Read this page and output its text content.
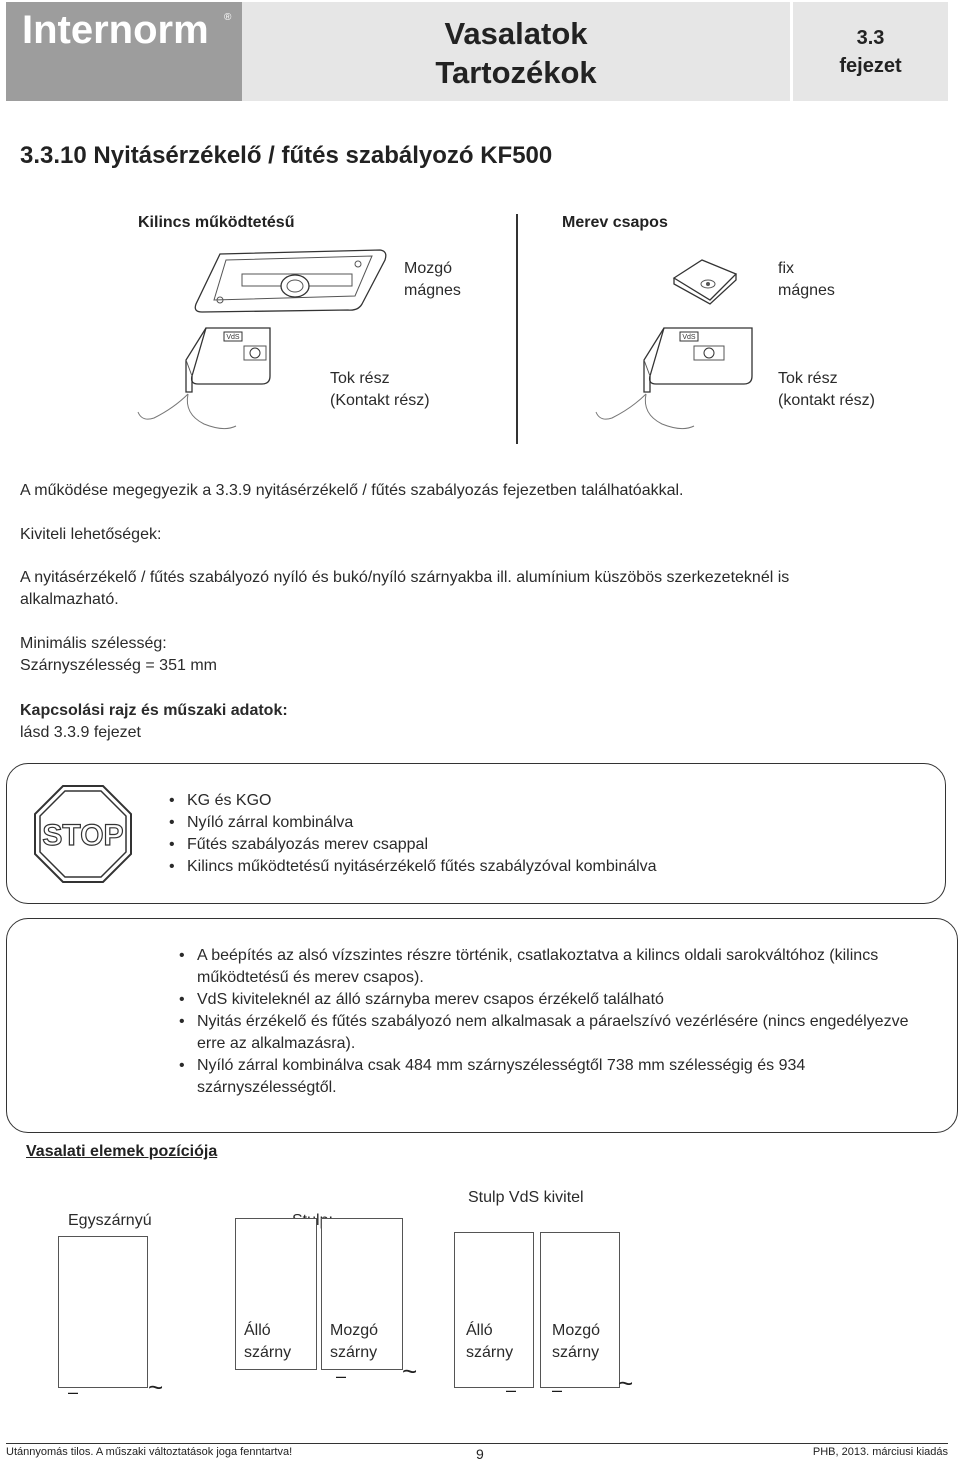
Internorm ®	Vasalatok
Tartozékok
3.3
fejezet
3.3.10 Nyitásérzékelő / fűtés szabályozó KF500
Kilincs működtetésű	Merev csapos
Mozgó
mágnes
fix
mágnes
VdS
Tok rész
(Kontakt rész)
VdS
Tok rész
(kontakt rész)
A működése megegyezik a 3.3.9 nyitásérzékelő / fűtés szabályozás fejezetben találhatóakkal.
Kiviteli lehetőségek:
A nyitásérzékelő / fűtés szabályozó nyíló és bukó/nyíló szárnyakba ill. alumínium küszöbös szerkezeteknél is
alkalmazható.
Minimális szélesség:
Szárnyszélesség = 351 mm
Kapcsolási rajz és műszaki adatok:
lásd 3.3.9 fejezet
STOP
• KG és KGO
• Nyíló zárral kombinálva
• Fűtés szabályozás merev csappal
• Kilincs működtetésű nyitásérzékelő fűtés szabályzóval kombinálva
• A beépítés az alsó vízszintes részre történik, csatlakoztatva a kilincs oldali sarokváltóhoz (kilincs működtetésű és merev csapos).
• VdS kiviteleknél az álló szárnyba merev csapos érzékelő található
• Nyitás érzékelő és fűtés szabályozó nem alkalmasak a páraelszívó vezérlésére (nincs engedélyezve erre az alkalmazásra).
• Nyíló zárral kombinálva csak 484 mm szárnyszélességtől 738 mm szélességig és 934 szárnyszélességtől.
Vasalati elemek pozíciója
Egyszárnyú
Stulp VdS kivitel
–	~
Álló
szárny
Mozgó
szárny
– ~
Álló
szárny
Mozgó
szárny
– – ~
Utánnyomás tilos. A műszaki változtatások joga fenntartva!	9	PHB, 2013. márciusi kiadás
